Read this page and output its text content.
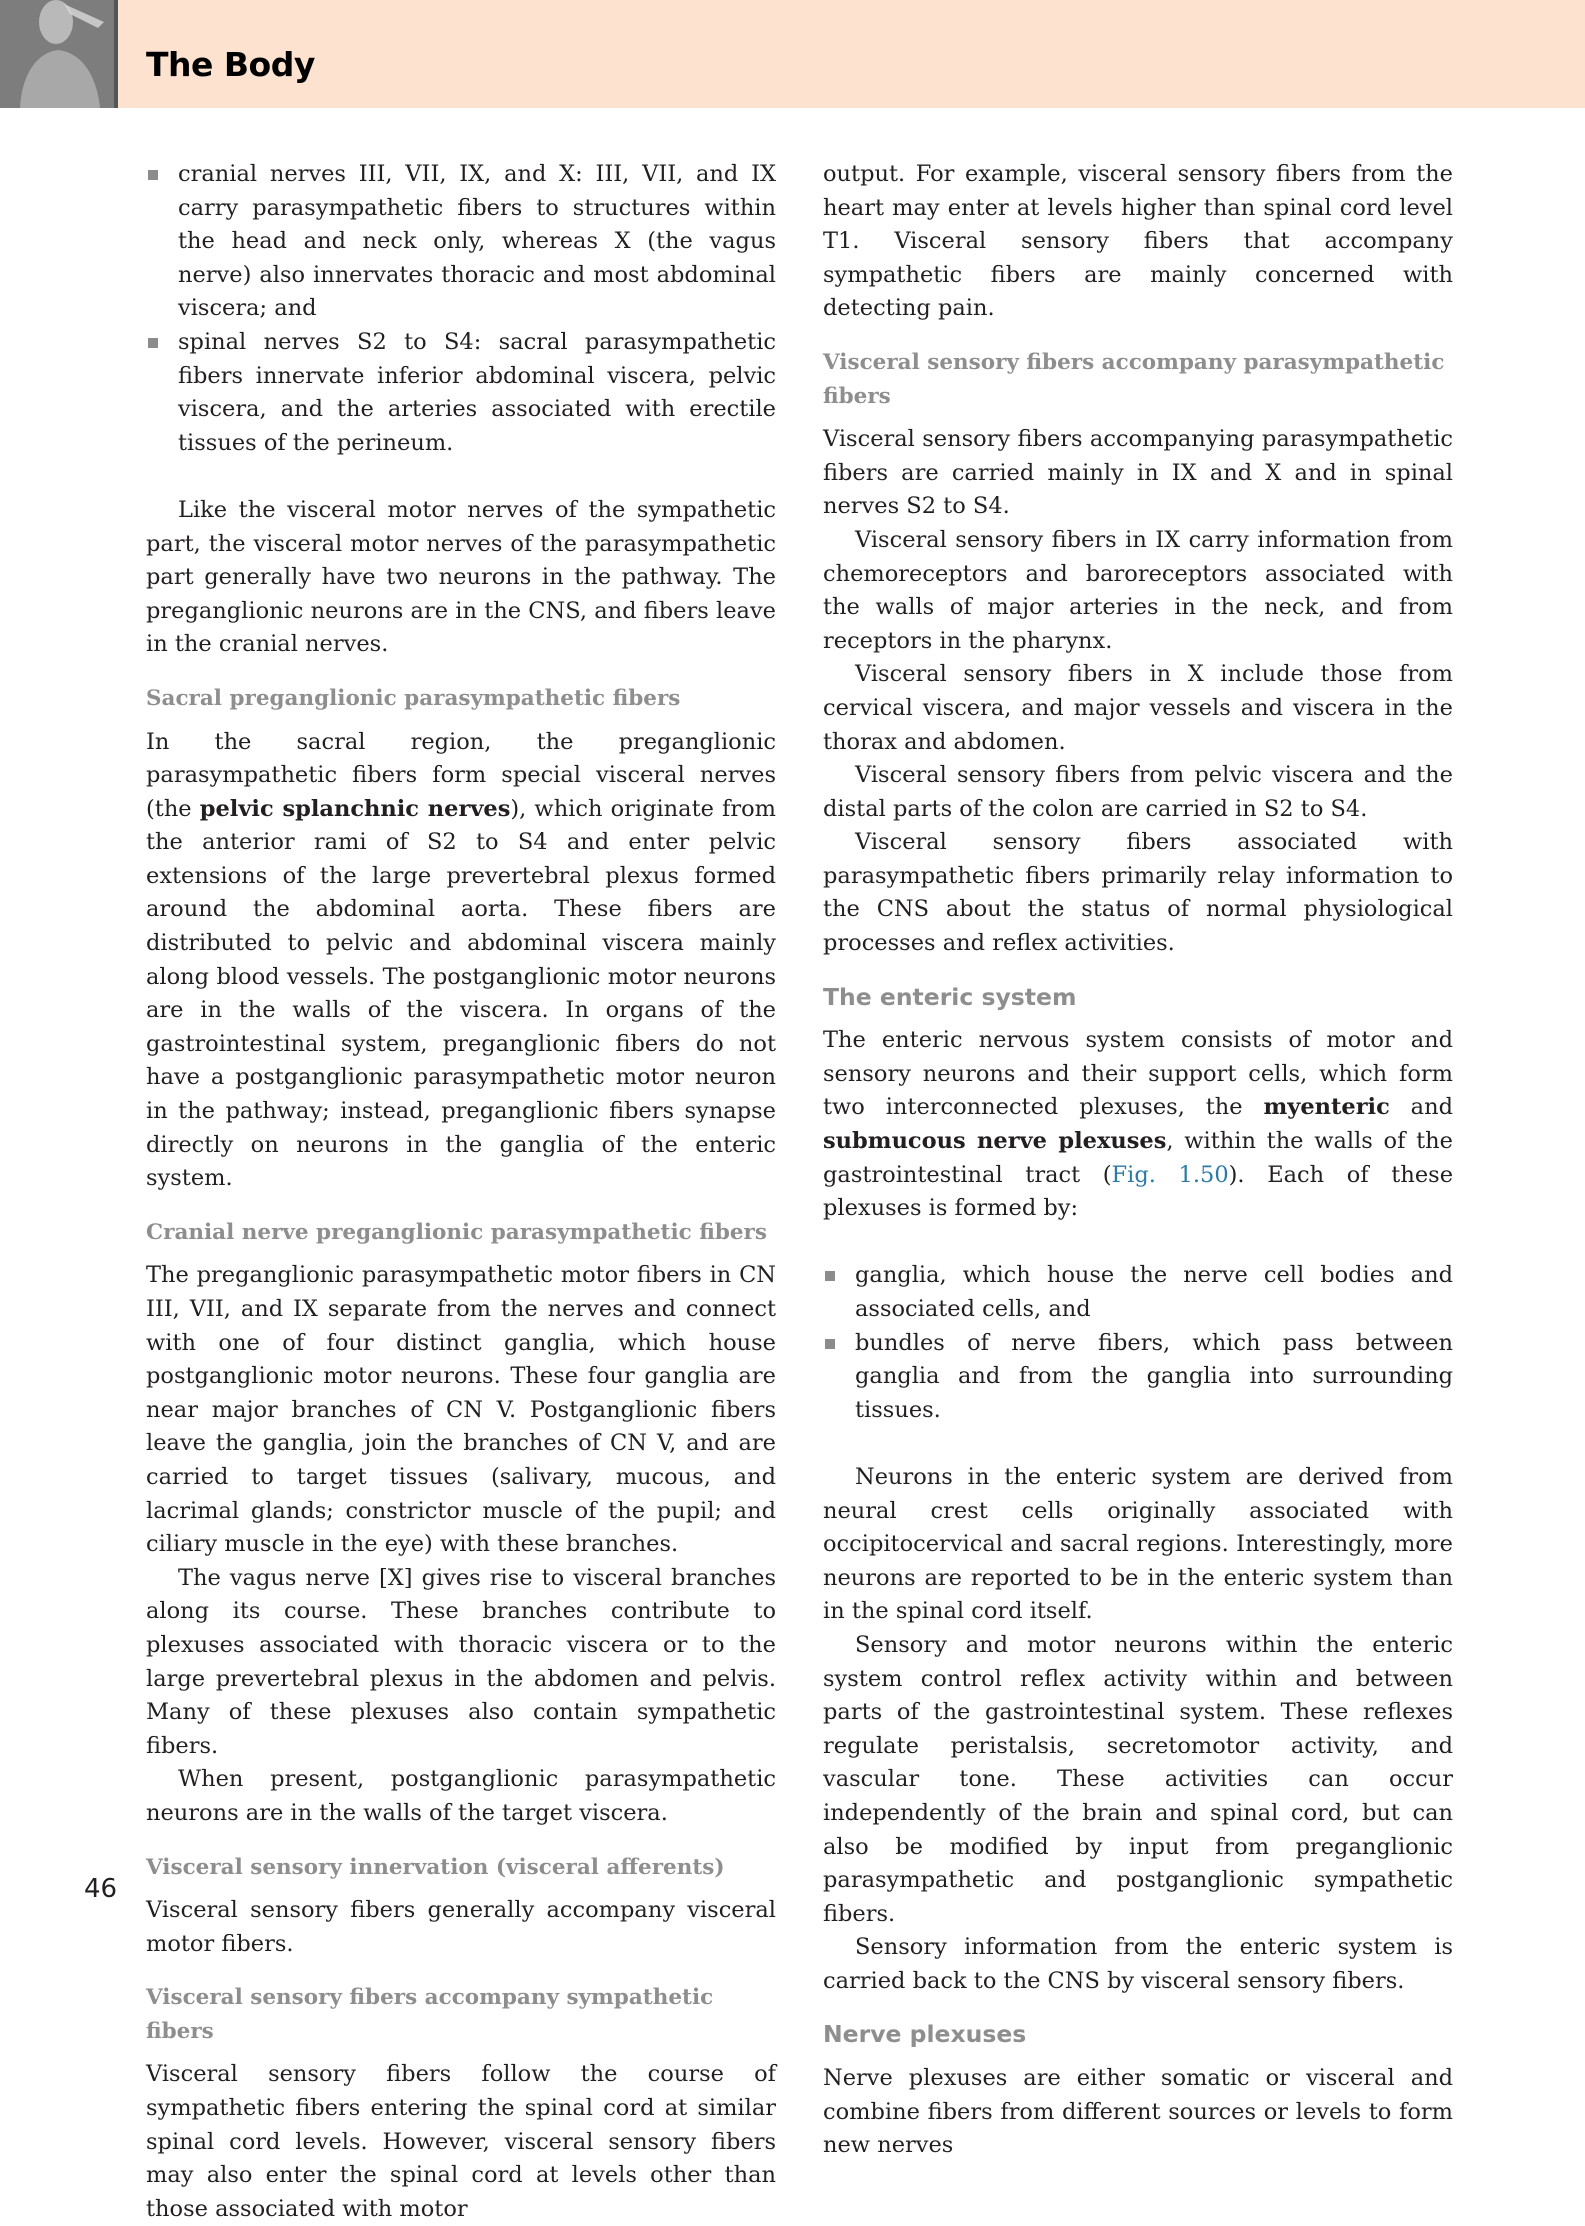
The Body
cranial nerves III, VII, IX, and X: III, VII, and IX carry parasympathetic fibers to structures within the head and neck only, whereas X (the vagus nerve) also innervates thoracic and most abdominal viscera; and
spinal nerves S2 to S4: sacral parasympathetic fibers innervate inferior abdominal viscera, pelvic viscera, and the arteries associated with erectile tissues of the perineum.

Like the visceral motor nerves of the sympathetic part, the visceral motor nerves of the parasympathetic part generally have two neurons in the pathway. The preganglionic neurons are in the CNS, and fibers leave in the cranial nerves.

Sacral preganglionic parasympathetic fibers

In the sacral region, the preganglionic parasympathetic fibers form special visceral nerves (the pelvic splanchnic nerves), which originate from the anterior rami of S2 to S4 and enter pelvic extensions of the large prevertebral plexus formed around the abdominal aorta. These fibers are distributed to pelvic and abdominal viscera mainly along blood vessels. The postganglionic motor neurons are in the walls of the viscera. In organs of the gastrointestinal system, preganglionic fibers do not have a postganglionic parasympathetic motor neuron in the pathway; instead, preganglionic fibers synapse directly on neurons in the ganglia of the enteric system.

Cranial nerve preganglionic parasympathetic fibers

The preganglionic parasympathetic motor fibers in CN III, VII, and IX separate from the nerves and connect with one of four distinct ganglia, which house postganglionic motor neurons. These four ganglia are near major branches of CN V. Postganglionic fibers leave the ganglia, join the branches of CN V, and are carried to target tissues (salivary, mucous, and lacrimal glands; constrictor muscle of the pupil; and ciliary muscle in the eye) with these branches.

The vagus nerve [X] gives rise to visceral branches along its course. These branches contribute to plexuses associated with thoracic viscera or to the large prevertebral plexus in the abdomen and pelvis. Many of these plexuses also contain sympathetic fibers.

When present, postganglionic parasympathetic neurons are in the walls of the target viscera.

Visceral sensory innervation (visceral afferents)

Visceral sensory fibers generally accompany visceral motor fibers.

Visceral sensory fibers accompany sympathetic fibers

Visceral sensory fibers follow the course of sympathetic fibers entering the spinal cord at similar spinal cord levels. However, visceral sensory fibers may also enter the spinal cord at levels other than those associated with motor

output. For example, visceral sensory fibers from the heart may enter at levels higher than spinal cord level T1. Visceral sensory fibers that accompany sympathetic fibers are mainly concerned with detecting pain.

Visceral sensory fibers accompany parasympathetic fibers

Visceral sensory fibers accompanying parasympathetic fibers are carried mainly in IX and X and in spinal nerves S2 to S4.

Visceral sensory fibers in IX carry information from chemoreceptors and baroreceptors associated with the walls of major arteries in the neck, and from receptors in the pharynx.

Visceral sensory fibers in X include those from cervical viscera, and major vessels and viscera in the thorax and abdomen.

Visceral sensory fibers from pelvic viscera and the distal parts of the colon are carried in S2 to S4.

Visceral sensory fibers associated with parasympathetic fibers primarily relay information to the CNS about the status of normal physiological processes and reflex activities.

The enteric system

The enteric nervous system consists of motor and sensory neurons and their support cells, which form two interconnected plexuses, the myenteric and submucous nerve plexuses, within the walls of the gastrointestinal tract (Fig. 1.50). Each of these plexuses is formed by:

ganglia, which house the nerve cell bodies and associated cells, and
bundles of nerve fibers, which pass between ganglia and from the ganglia into surrounding tissues.

Neurons in the enteric system are derived from neural crest cells originally associated with occipitocervical and sacral regions. Interestingly, more neurons are reported to be in the enteric system than in the spinal cord itself.

Sensory and motor neurons within the enteric system control reflex activity within and between parts of the gastrointestinal system. These reflexes regulate peristalsis, secretomotor activity, and vascular tone. These activities can occur independently of the brain and spinal cord, but can also be modified by input from preganglionic parasympathetic and postganglionic sympathetic fibers.

Sensory information from the enteric system is carried back to the CNS by visceral sensory fibers.

Nerve plexuses

Nerve plexuses are either somatic or visceral and combine fibers from different sources or levels to form new nerves

46
